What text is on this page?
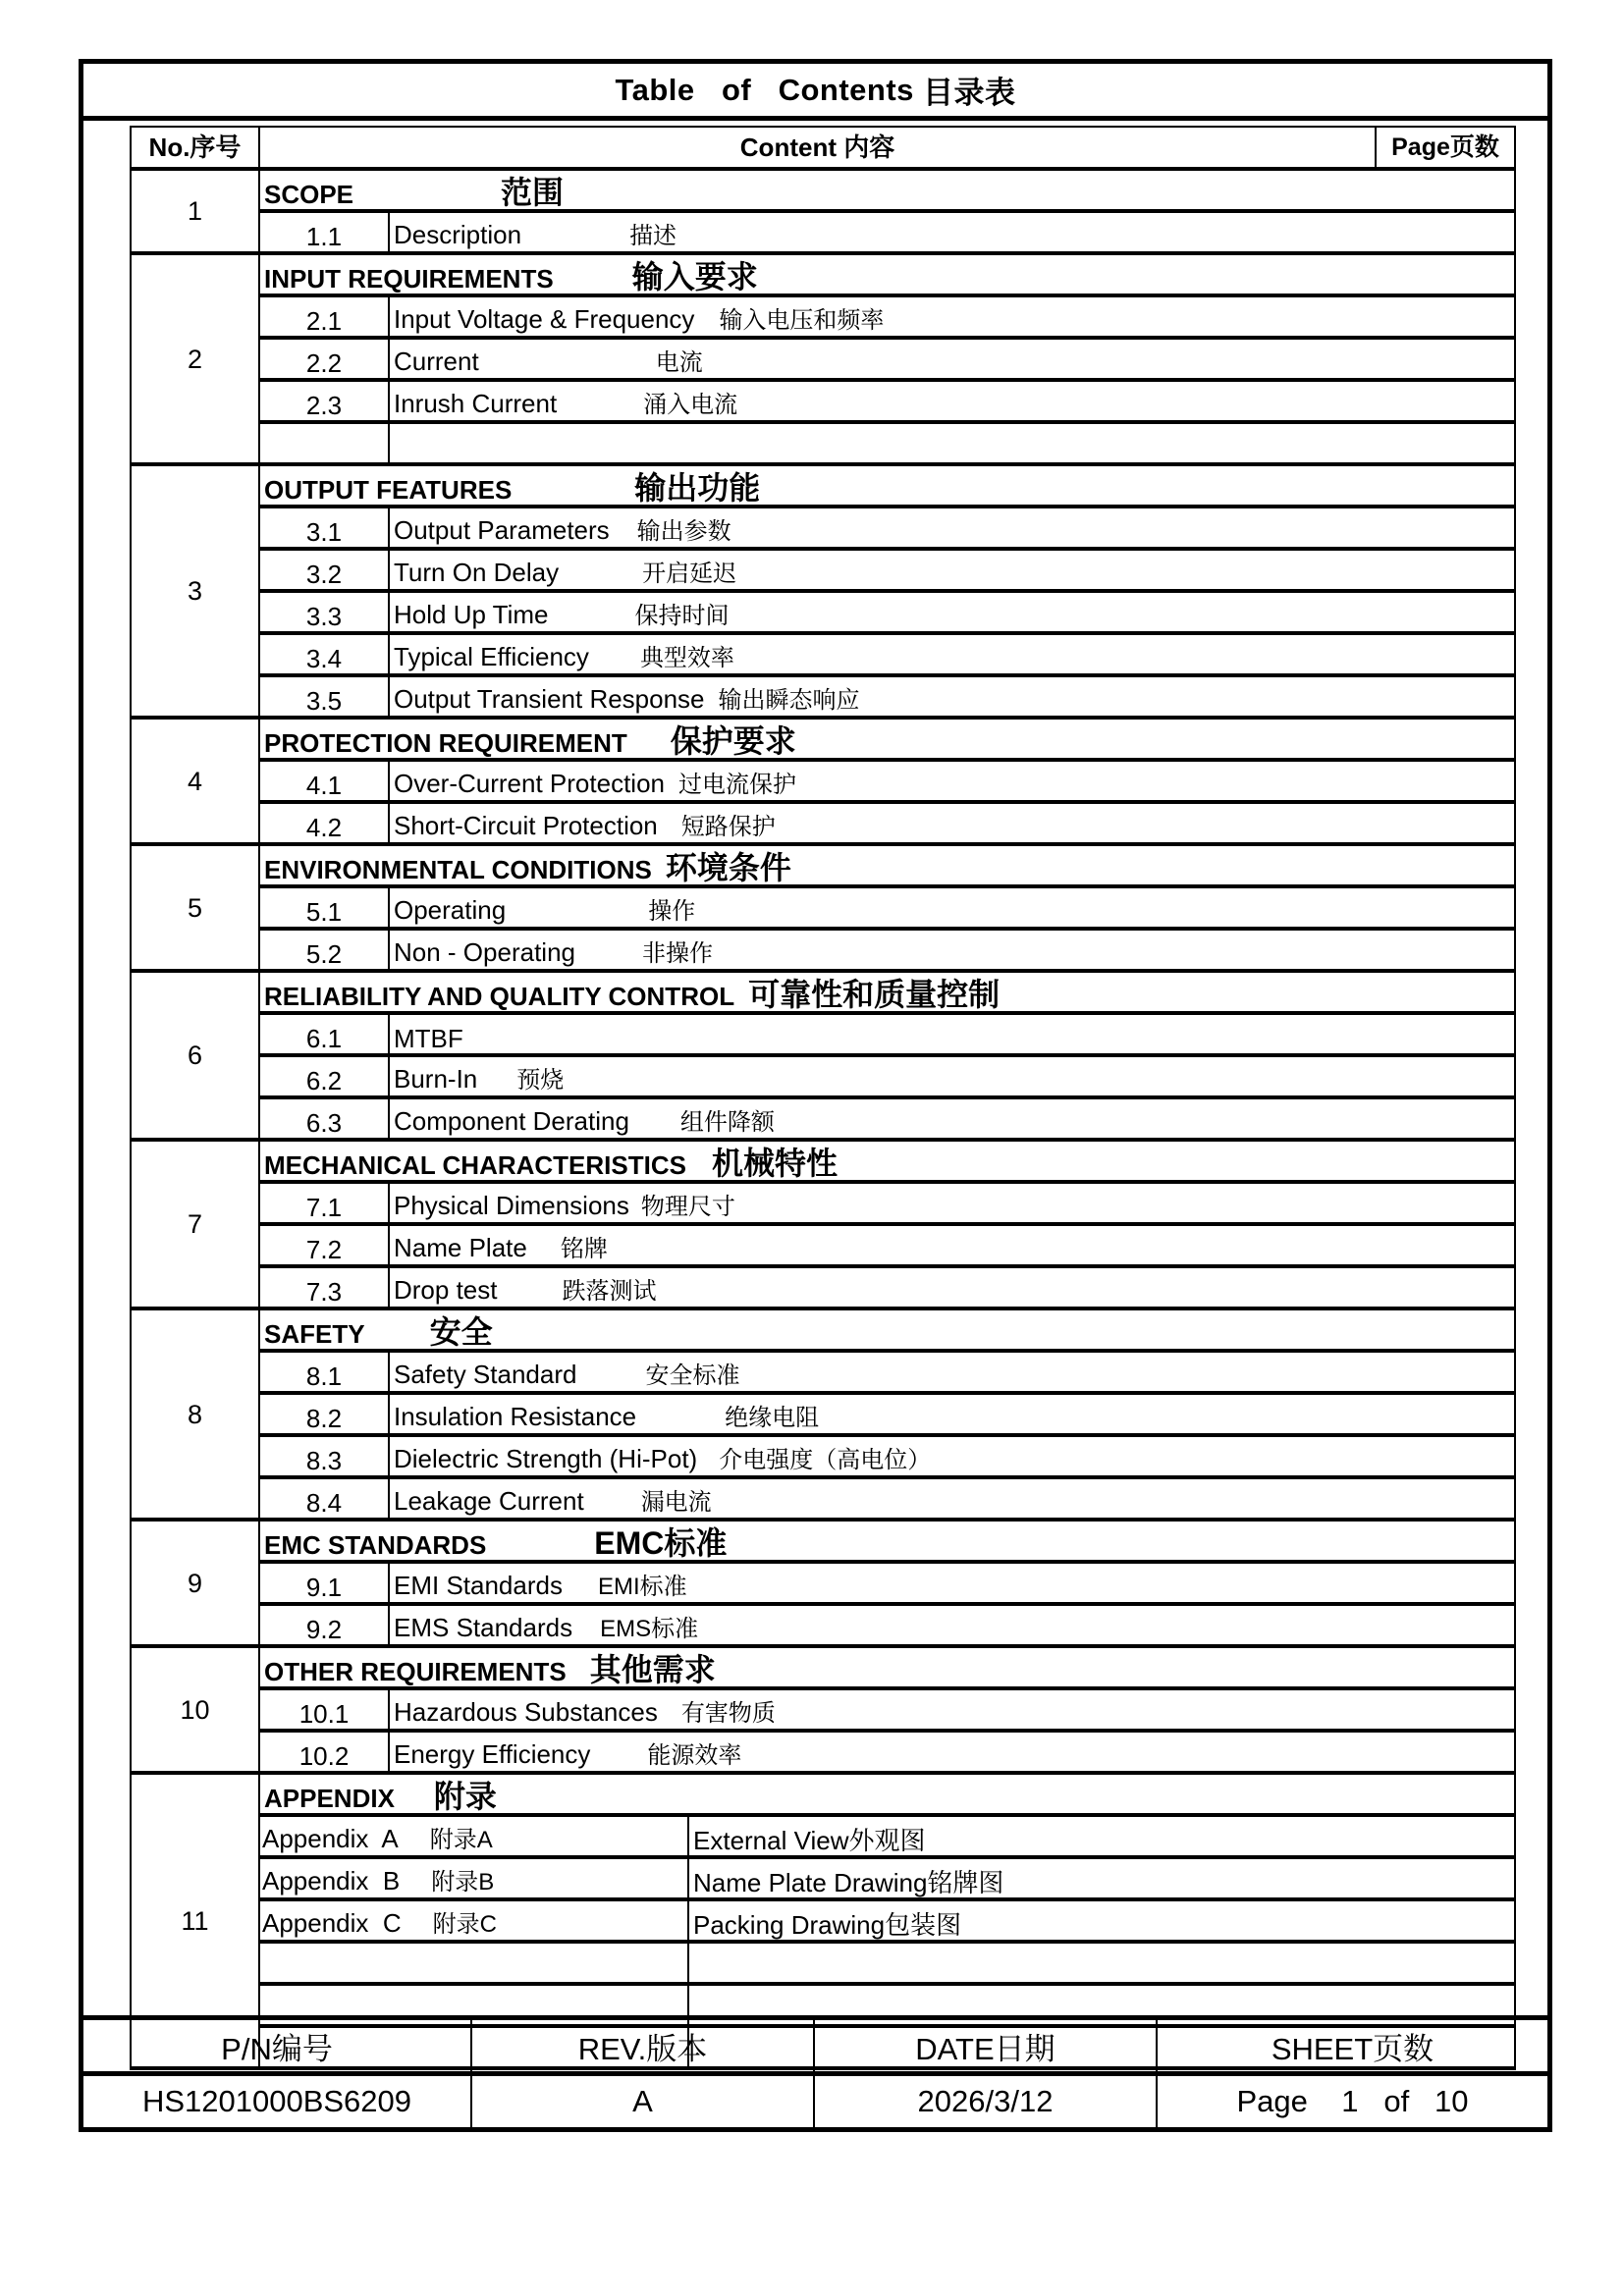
Table   of   Contents
目录表
No.序号	Content 内容			Page页数	
1	SCOPE 范围				
	1.1	Description 描述	
2	INPUT REQUIREMENTS 输入要求				
	2.1	Input Voltage & Frequency 输入电压和频率	
	2.2	Current 电流	
	2.3	Inrush Current 涌入电流	

3	OUTPUT FEATURES 输出功能				
	3.1	Output Parameters 输出参数	
	3.2	Turn On Delay 开启延迟	
	3.3	Hold Up Time 保持时间	
	3.4	Typical Efficiency 典型效率	
	3.5	Output Transient Response 输出瞬态响应	
4	PROTECTION REQUIREMENT 保护要求				
	4.1	Over-Current Protection 过电流保护	
	4.2	Short-Circuit Protection 短路保护	
5	ENVIRONMENTAL CONDITIONS 环境条件				
	5.1	Operating 操作	
	5.2	Non - Operating 非操作	
6	RELIABILITY AND QUALITY CONTROL 可靠性和质量控制				
	6.1	MTBF	
	6.2	Burn-In 预烧	
	6.3	Component Derating 组件降额	
7	MECHANICAL CHARACTERISTICS 机械特性				
	7.1	Physical Dimensions 物理尺寸	
	7.2	Name Plate 铭牌	
	7.3	Drop test 跌落测试	
8	SAFETY 安全				
	8.1	Safety Standard 安全标准	
	8.2	Insulation Resistance 绝缘电阻	
	8.3	Dielectric Strength (Hi-Pot) 介电强度（高电位）	
	8.4	Leakage Current 漏电流	
9	EMC STANDARDS EMC标准				
	9.1	EMI Standards EMI标准	
	9.2	EMS Standards EMS标准	
10	OTHER REQUIREMENTS 其他需求				
	10.1	Hazardous Substances 有害物质	
	10.2	Energy Efficiency 能源效率	
11	APPENDIX 附录				
	Appendix  A 附录A		External View外观图	
	Appendix  B 附录B		Name Plate Drawing铭牌图	
	Appendix  C 附录C		Packing Drawing包装图	

P/N编号	REV.版本	DATE日期	SHEET页数
HS1201000BS6209	A	2026/3/12	Page    1   of   10
